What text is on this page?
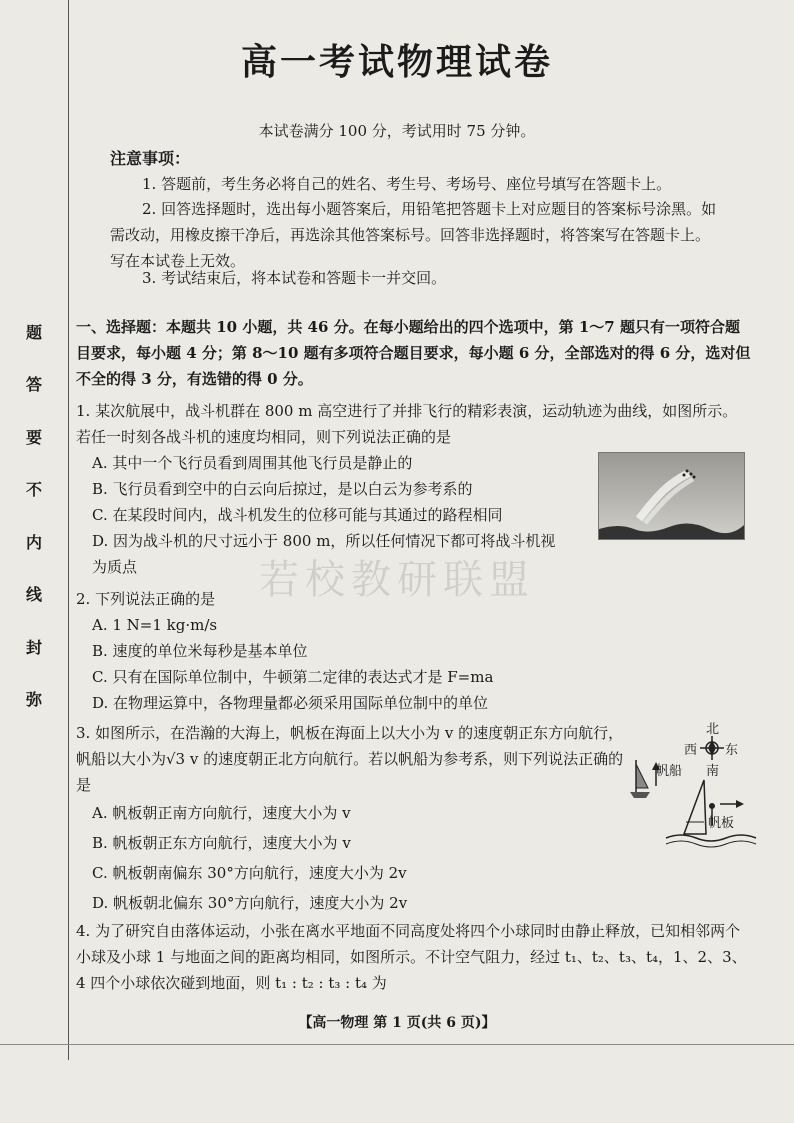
题
答
要
不
内
线
封
弥
高一考试物理试卷
本试卷满分 100 分，考试用时 75 分钟。
注意事项：
1. 答题前，考生务必将自己的姓名、考生号、考场号、座位号填写在答题卡上。
2. 回答选择题时，选出每小题答案后，用铅笔把答题卡上对应题目的答案标号涂黑。如需改动，用橡皮擦干净后，再选涂其他答案标号。回答非选择题时，将答案写在答题卡上。写在本试卷上无效。
3. 考试结束后，将本试卷和答题卡一并交回。
一、选择题：本题共 10 小题，共 46 分。在每小题给出的四个选项中，第 1～7 题只有一项符合题目要求，每小题 4 分；第 8～10 题有多项符合题目要求，每小题 6 分，全部选对的得 6 分，选对但不全的得 3 分，有选错的得 0 分。
1. 某次航展中，战斗机群在 800 m 高空进行了并排飞行的精彩表演，运动轨迹为曲线，如图所示。若任一时刻各战斗机的速度均相同，则下列说法正确的是
A. 其中一个飞行员看到周围其他飞行员是静止的
B. 飞行员看到空中的白云向后掠过，是以白云为参考系的
C. 在某段时间内，战斗机发生的位移可能与其通过的路程相同
D. 因为战斗机的尺寸远小于 800 m，所以任何情况下都可将战斗机视为质点	若校教研联盟
2. 下列说法正确的是
A. 1 N=1 kg·m/s
B. 速度的单位米每秒是基本单位
C. 只有在国际单位制中，牛顿第二定律的表达式才是 F=ma
D. 在物理运算中，各物理量都必须采用国际单位制中的单位
3. 如图所示，在浩瀚的大海上，帆板在海面上以大小为 v 的速度朝正东方向航行，帆船以大小为√3 v 的速度朝正北方向航行。若以帆船为参考系，则下列说法正确的是
A. 帆板朝正南方向航行，速度大小为 v
B. 帆板朝正东方向航行，速度大小为 v
C. 帆板朝南偏东 30°方向航行，速度大小为 2v
D. 帆板朝北偏东 30°方向航行，速度大小为 2v
北
西 东
南
帆船
帆板
4. 为了研究自由落体运动，小张在离水平地面不同高度处将四个小球同时由静止释放，已知相邻两个小球及小球 1 与地面之间的距离均相同，如图所示。不计空气阻力，经过 t₁、t₂、t₃、t₄，1、2、3、4 四个小球依次碰到地面，则 t₁ : t₂ : t₃ : t₄ 为
【高一物理 第 1 页(共 6 页)】
